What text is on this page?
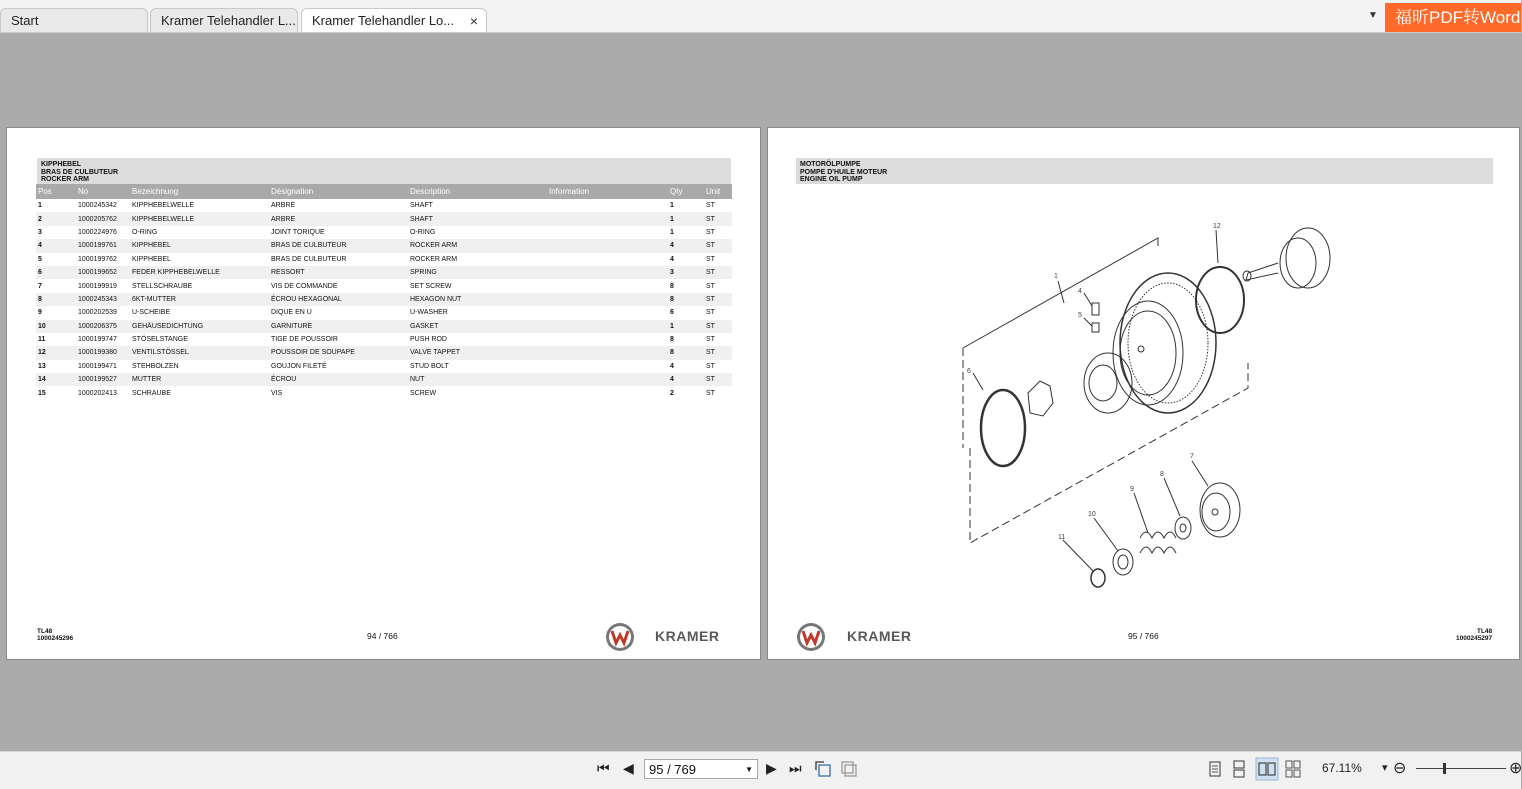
Start	Kramer Telehandler L...	Kramer Telehandler Lo... ×	▼	福昕PDF转Word
KIPPHEBEL
BRAS DE CULBUTEUR
ROCKER ARM
Pos	No	Bezeichnung	Désignation	Description	Information	Qty	Unit
1	1000245342	KIPPHEBELWELLE	ARBRE	SHAFT		1	ST
2	1000205762	KIPPHEBELWELLE	ARBRE	SHAFT		1	ST
3	1000224976	O-RING	JOINT TORIQUE	O-RING		1	ST
4	1000199761	KIPPHEBEL	BRAS DE CULBUTEUR	ROCKER ARM		4	ST
5	1000199762	KIPPHEBEL	BRAS DE CULBUTEUR	ROCKER ARM		4	ST
6	1000199652	FEDER KIPPHEBELWELLE	RESSORT	SPRING		3	ST
7	1000199919	STELLSCHRAUBE	VIS DE COMMANDE	SET SCREW		8	ST
8	1000245343	6KT-MUTTER	ÉCROU HEXAGONAL	HEXAGON NUT		8	ST
9	1000202539	U-SCHEIBE	DIQUE EN U	U-WASHER		6	ST
10	1000206375	GEHÄUSEDICHTUNG	GARNITURE	GASKET		1	ST
11	1000199747	STÖSELSTANGE	TIGE DE POUSSOIR	PUSH ROD		8	ST
12	1000199380	VENTILSTÖSSEL	POUSSOIR DE SOUPAPE	VALVE TAPPET		8	ST
13	1000199471	STEHBOLZEN	GOUJON FILETÉ	STUD BOLT		4	ST
14	1000199527	MUTTER	ÉCROU	NUT		4	ST
15	1000202413	SCHRAUBE	VIS	SCREW		2	ST
TL48
1000245296	94 / 766	KRAMER
MOTORÖLPUMPE
POMPE D'HUILE MOTEUR
ENGINE OIL PUMP
1
12
4
5
6
7
8
9
10
11
KRAMER	95 / 766	TL48
1000245297
⏮ ◀	95 / 769	▼ ▶ ⏭	67.11% ▾ ⊖	⊕
